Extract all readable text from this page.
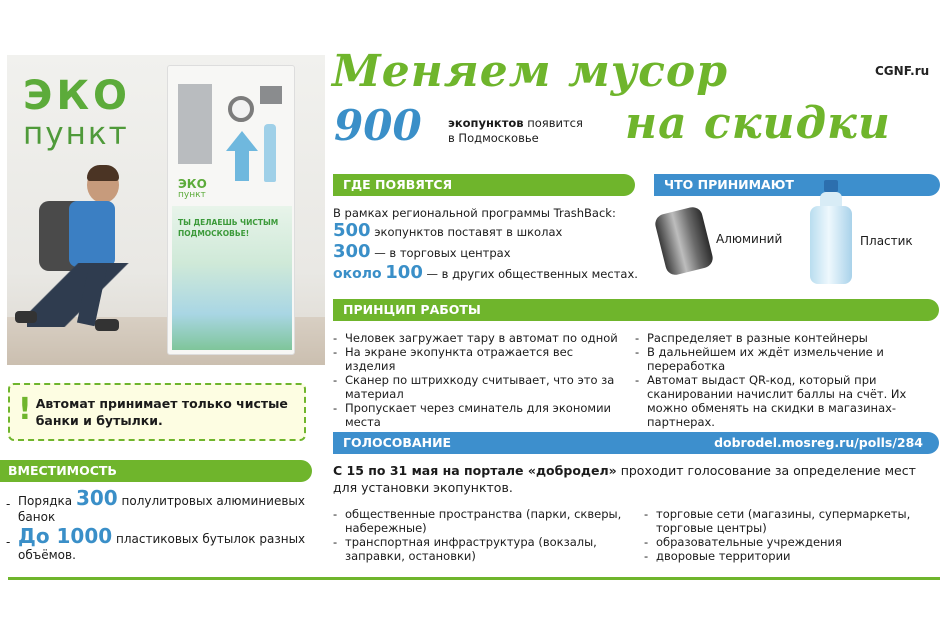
ЭКО
пункт
ЭКО
пункт
ТЫ ДЕЛАЕШЬ ЧИСТЫМ
ПОДМОСКОВЬЕ!
Меняем мусор
на скидки
CGNF.ru
900 экопунктов появится
в Подмосковье
ГДЕ ПОЯВЯТСЯ
В рамках региональной программы TrashBack:
500 экопунктов поставят в школах
300 — в торговых центрах
около 100 — в других общественных местах.
ЧТО ПРИНИМАЮТ
Алюминий	Пластик
ПРИНЦИП РАБОТЫ
- Человек загружает тару в автомат по одной
- На экране экопункта отражается вес изделия
- Сканер по штрихкоду считывает, что это за материал
- Пропускает через сминатель для экономии места
- Распределяет в разные контейнеры
- В дальнейшем их ждёт измельчение и переработка
- Автомат выдаст QR-код, который при сканировании начислит баллы на счёт. Их можно обменять на скидки в магазинах-партнерах.
! Автомат принимает только чистые банки и бутылки.
ВМЕСТИМОСТЬ
- Порядка 300 полулитровых алюминиевых банок
- До 1000 пластиковых бутылок разных объёмов.
ГОЛОСОВАНИЕ	dobrodel.mosreg.ru/polls/284
С 15 по 31 мая на портале «добродел» проходит голосование за определение мест для установки экопунктов.
- общественные пространства (парки, скверы, набережные)
- транспортная инфраструктура (вокзалы, заправки, остановки)
- торговые сети (магазины, супермаркеты, торговые центры)
- образовательные учреждения
- дворовые территории
